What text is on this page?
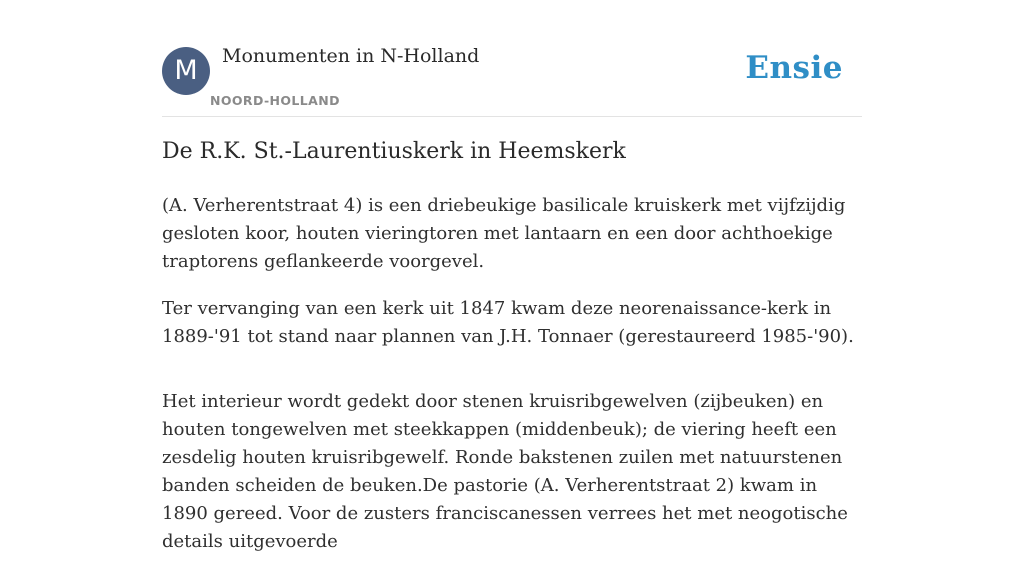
M	Monumenten in N-Holland
NOORD-HOLLAND
Ensie
De R.K. St.-Laurentiuskerk in Heemskerk

(A. Verherentstraat 4) is een driebeukige basilicale kruiskerk met vijfzijdig gesloten koor, houten vieringtoren met lantaarn en een door achthoekige traptorens geflankeerde voorgevel.

Ter vervanging van een kerk uit 1847 kwam deze neorenaissance-kerk in 1889-'91 tot stand naar plannen van J.H. Tonnaer (gerestaureerd 1985-'90).

Het interieur wordt gedekt door stenen kruisribgewelven (zijbeuken) en houten tongewelven met steekkappen (middenbeuk); de viering heeft een zesdelig houten kruisribgewelf. Ronde bakstenen zuilen met natuurstenen banden scheiden de beuken.De pastorie (A. Verherentstraat 2) kwam in 1890 gereed. Voor de zusters franciscanessen verrees het met neogotische details uitgevoerde
